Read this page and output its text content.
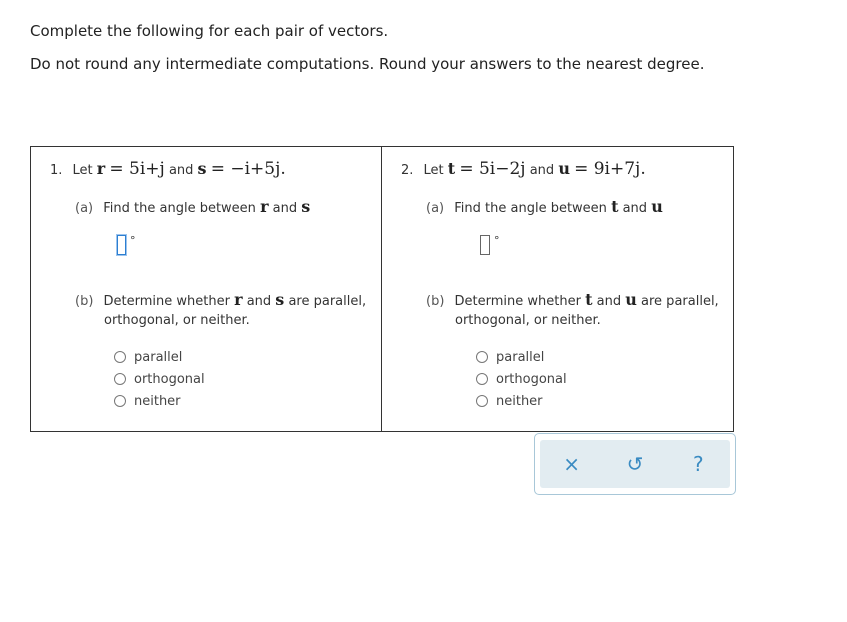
Complete the following for each pair of vectors.
Do not round any intermediate computations. Round your answers to the nearest degree.
1. Let r = 5i+j and s = −i+5j.
(a) Find the angle between r and s
°
(b) Determine whether r and s are parallel,
orthogonal, or neither.
parallel
orthogonal
neither
2. Let t = 5i−2j and u = 9i+7j.
(a) Find the angle between t and u
°
(b) Determine whether t and u are parallel,
orthogonal, or neither.
parallel
orthogonal
neither
×	↺	?
